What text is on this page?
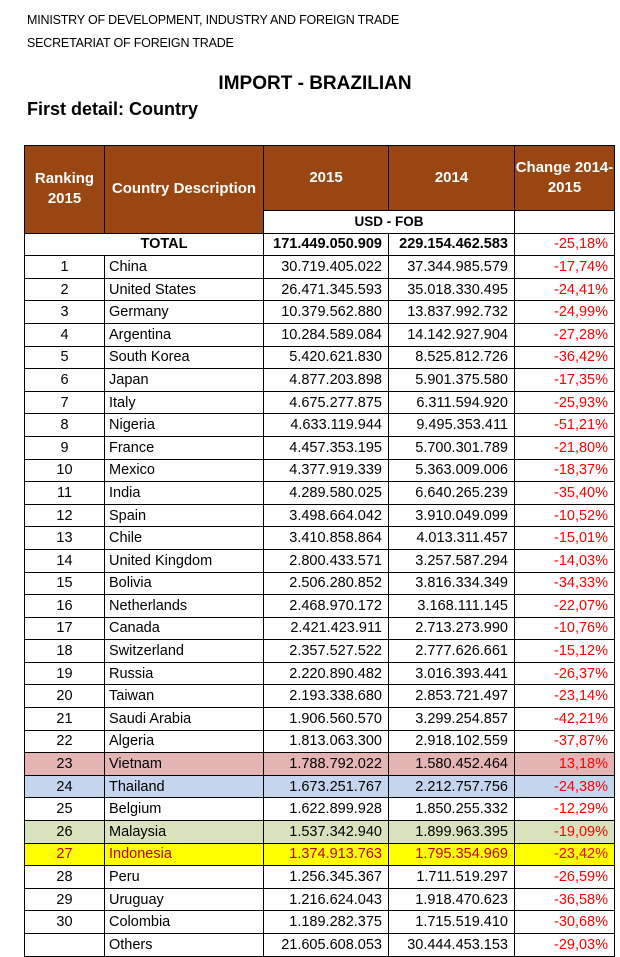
MINISTRY OF DEVELOPMENT, INDUSTRY AND FOREIGN TRADE
SECRETARIAT OF FOREIGN TRADE
IMPORT - BRAZILIAN
First detail: Country
Ranking 2015	Country Description	2015	2014	Change 2014-2015
		USD - FOB		
TOTAL		171.449.050.909	229.154.462.583	-25,18%
1	China	30.719.405.022	37.344.985.579	-17,74%
2	United States	26.471.345.593	35.018.330.495	-24,41%
3	Germany	10.379.562.880	13.837.992.732	-24,99%
4	Argentina	10.284.589.084	14.142.927.904	-27,28%
5	South Korea	5.420.621.830	8.525.812.726	-36,42%
6	Japan	4.877.203.898	5.901.375.580	-17,35%
7	Italy	4.675.277.875	6.311.594.920	-25,93%
8	Nigeria	4.633.119.944	9.495.353.411	-51,21%
9	France	4.457.353.195	5.700.301.789	-21,80%
10	Mexico	4.377.919.339	5.363.009.006	-18,37%
11	India	4.289.580.025	6.640.265.239	-35,40%
12	Spain	3.498.664.042	3.910.049.099	-10,52%
13	Chile	3.410.858.864	4.013.311.457	-15,01%
14	United Kingdom	2.800.433.571	3.257.587.294	-14,03%
15	Bolivia	2.506.280.852	3.816.334.349	-34,33%
16	Netherlands	2.468.970.172	3.168.111.145	-22,07%
17	Canada	2.421.423.911	2.713.273.990	-10,76%
18	Switzerland	2.357.527.522	2.777.626.661	-15,12%
19	Russia	2.220.890.482	3.016.393.441	-26,37%
20	Taiwan	2.193.338.680	2.853.721.497	-23,14%
21	Saudi Arabia	1.906.560.570	3.299.254.857	-42,21%
22	Algeria	1.813.063.300	2.918.102.559	-37,87%
23	Vietnam	1.788.792.022	1.580.452.464	13,18%
24	Thailand	1.673.251.767	2.212.757.756	-24,38%
25	Belgium	1.622.899.928	1.850.255.332	-12,29%
26	Malaysia	1.537.342.940	1.899.963.395	-19,09%
27	Indonesia	1.374.913.763	1.795.354.969	-23,42%
28	Peru	1.256.345.367	1.711.519.297	-26,59%
29	Uruguay	1.216.624.043	1.918.470.623	-36,58%
30	Colombia	1.189.282.375	1.715.519.410	-30,68%
	Others	21.605.608.053	30.444.453.153	-29,03%
